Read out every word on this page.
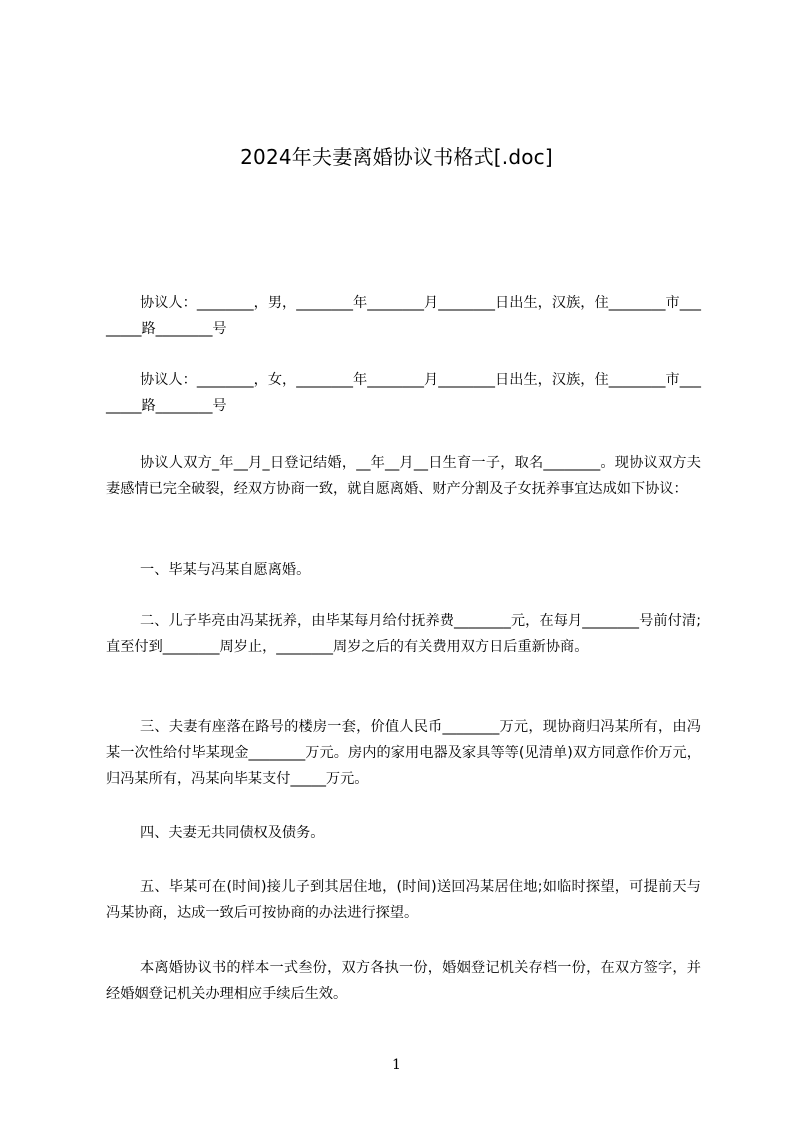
2024年夫妻离婚协议书格式[.doc]

协议人：________，男，________年________月________日出生，汉族，住________市________路________号

协议人：________，女，________年________月________日出生，汉族，住________市________路________号

协议人双方_年__月_日登记结婚，__年__月__日生育一子，取名________。现协议双方夫妻感情已完全破裂，经双方协商一致，就自愿离婚、财产分割及子女抚养事宜达成如下协议：

一、毕某与冯某自愿离婚。

二、儿子毕亮由冯某抚养，由毕某每月给付抚养费________元，在每月________号前付清;直至付到________周岁止，________周岁之后的有关费用双方日后重新协商。

三、夫妻有座落在路号的楼房一套，价值人民币________万元，现协商归冯某所有，由冯某一次性给付毕某现金________万元。房内的家用电器及家具等等(见清单)双方同意作价万元，归冯某所有，冯某向毕某支付_____万元。

四、夫妻无共同债权及债务。

五、毕某可在(时间)接儿子到其居住地，(时间)送回冯某居住地;如临时探望，可提前天与冯某协商，达成一致后可按协商的办法进行探望。

本离婚协议书的样本一式叁份，双方各执一份，婚姻登记机关存档一份，在双方签字，并经婚姻登记机关办理相应手续后生效。

1
